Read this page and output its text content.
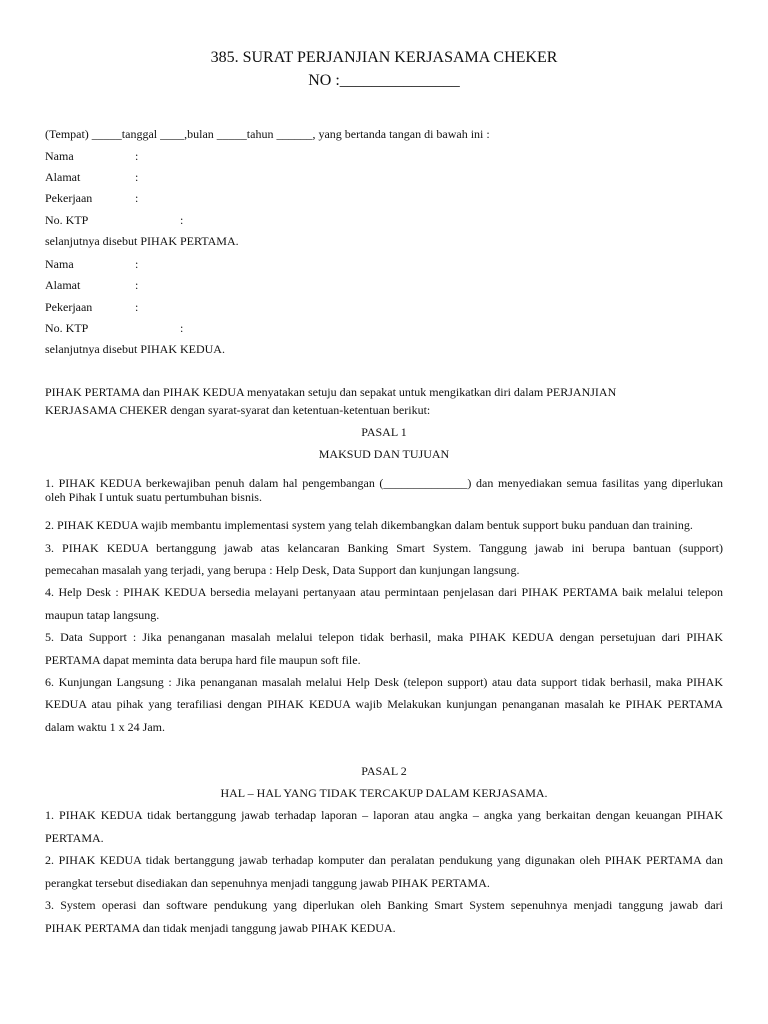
385. SURAT PERJANJIAN KERJASAMA CHEKER
NO :_______________
(Tempat) _____tanggal ____,bulan _____tahun ______, yang bertanda tangan di bawah ini :
Nama	:
Alamat	:
Pekerjaan	:
No. KTP	:
selanjutnya disebut PIHAK PERTAMA.
Nama	:
Alamat	:
Pekerjaan	:
No. KTP	:
selanjutnya disebut PIHAK KEDUA.
PIHAK PERTAMA dan PIHAK KEDUA menyatakan setuju dan sepakat untuk mengikatkan diri dalam PERJANJIAN
KERJASAMA CHEKER dengan syarat-syarat dan ketentuan-ketentuan berikut:
PASAL 1
MAKSUD DAN TUJUAN
1. PIHAK KEDUA berkewajiban penuh dalam hal pengembangan (______________) dan menyediakan semua fasilitas yang diperlukan
oleh Pihak I untuk suatu pertumbuhan bisnis.
2. PIHAK KEDUA wajib membantu implementasi system yang telah dikembangkan dalam bentuk support buku panduan dan training.
3. PIHAK KEDUA bertanggung jawab atas kelancaran Banking Smart System. Tanggung jawab ini berupa bantuan (support)
pemecahan masalah yang terjadi, yang berupa : Help Desk, Data Support dan kunjungan langsung.
4. Help Desk : PIHAK KEDUA bersedia melayani pertanyaan atau permintaan penjelasan dari PIHAK PERTAMA baik melalui telepon
maupun tatap langsung.
5. Data Support : Jika penanganan masalah melalui telepon tidak berhasil, maka PIHAK KEDUA dengan persetujuan dari PIHAK
PERTAMA dapat meminta data berupa hard file maupun soft file.
6. Kunjungan Langsung : Jika penanganan masalah melalui Help Desk (telepon support) atau data support tidak berhasil, maka PIHAK
KEDUA atau pihak yang terafiliasi dengan PIHAK KEDUA wajib Melakukan kunjungan penanganan masalah ke PIHAK PERTAMA
dalam waktu 1 x 24 Jam.
PASAL 2
HAL – HAL YANG TIDAK TERCAKUP DALAM KERJASAMA.
1. PIHAK KEDUA tidak bertanggung jawab terhadap laporan – laporan atau angka – angka yang berkaitan dengan keuangan PIHAK
PERTAMA.
2. PIHAK KEDUA tidak bertanggung jawab terhadap komputer dan peralatan pendukung yang digunakan oleh PIHAK PERTAMA dan
perangkat tersebut disediakan dan sepenuhnya menjadi tanggung jawab PIHAK PERTAMA.
3. System operasi dan software pendukung yang diperlukan oleh Banking Smart System sepenuhnya menjadi tanggung jawab dari
PIHAK PERTAMA dan tidak menjadi tanggung jawab PIHAK KEDUA.
